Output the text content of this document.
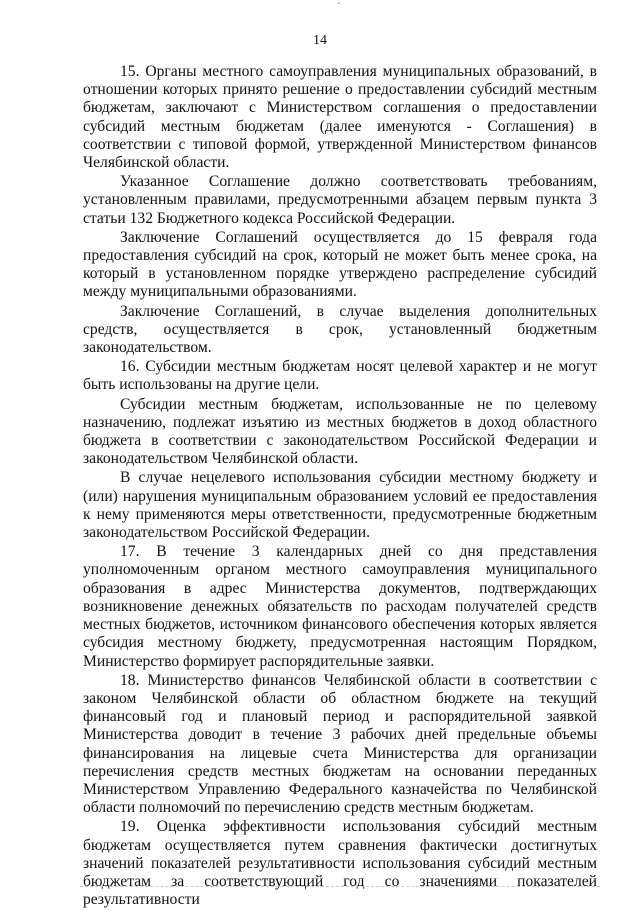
ˇ
14

15. Органы местного самоуправления муниципальных образований, в отношении которых принято решение о предоставлении субсидий местным бюджетам, заключают с Министерством соглашения о предоставлении субсидий местным бюджетам (далее именуются - Соглашения) в соответствии с типовой формой, утвержденной Министерством финансов Челябинской области.

Указанное Соглашение должно соответствовать требованиям, установленным правилами, предусмотренными абзацем первым пункта 3 статьи 132 Бюджетного кодекса Российской Федерации.

Заключение Соглашений осуществляется до 15 февраля года предоставления субсидий на срок, который не может быть менее срока, на который в установленном порядке утверждено распределение субсидий между муниципальными образованиями.

Заключение Соглашений, в случае выделения дополнительных средств, осуществляется в срок, установленный бюджетным законодательством.

16. Субсидии местным бюджетам носят целевой характер и не могут быть использованы на другие цели.

Субсидии местным бюджетам, использованные не по целевому назначению, подлежат изъятию из местных бюджетов в доход областного бюджета в соответствии с законодательством Российской Федерации и законодательством Челябинской области.

В случае нецелевого использования субсидии местному бюджету и (или) нарушения муниципальным образованием условий ее предоставления к нему применяются меры ответственности, предусмотренные бюджетным законодательством Российской Федерации.

17. В течение 3 календарных дней со дня представления уполномоченным органом местного самоуправления муниципального образования в адрес Министерства документов, подтверждающих возникновение денежных обязательств по расходам получателей средств местных бюджетов, источником финансового обеспечения которых является субсидия местному бюджету, предусмотренная настоящим Порядком, Министерство формирует распорядительные заявки.

18. Министерство финансов Челябинской области в соответствии с законом Челябинской области об областном бюджете на текущий финансовый год и плановый период и распорядительной заявкой Министерства доводит в течение 3 рабочих дней предельные объемы финансирования на лицевые счета Министерства для организации перечисления средств местных бюджетам на основании переданных Министерством Управлению Федерального казначейства по Челябинской области полномочий по перечислению средств местным бюджетам.

19. Оценка эффективности использования субсидий местным бюджетам осуществляется путем сравнения фактически достигнутых значений показателей результативности использования субсидий местным бюджетам за соответствующий год со значениями показателей результативности
